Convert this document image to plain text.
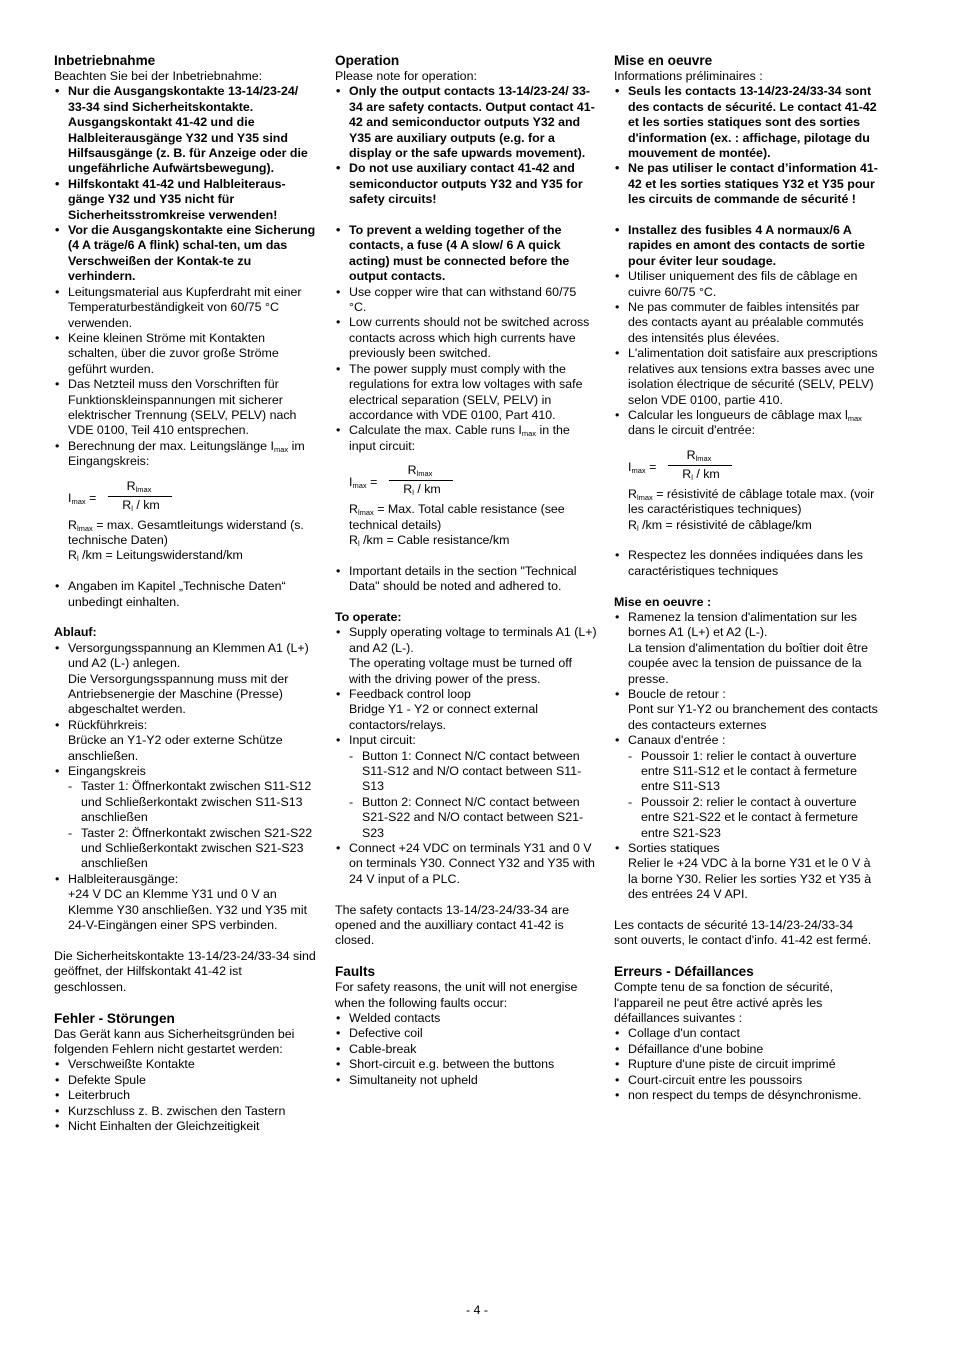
Inbetriebnahme

Beachten Sie bei der Inbetriebnahme:

• Nur die Ausgangskontakte 13-14/23-24/ 33-34 sind Sicherheitskontakte. Ausgangskontakt 41-42 und die Halbleiterausgänge Y32 und Y35 sind Hilfsausgänge (z. B. für Anzeige oder die ungefährliche Aufwärtsbewegung).
• Hilfskontakt 41-42 und Halbleiteraus-gänge Y32 und Y35 nicht für Sicherheitsstromkreise verwenden!
• Vor die Ausgangskontakte eine Sicherung (4 A träge/6 A flink) schal-ten, um das Verschweißen der Kontak-te zu verhindern.
• Leitungsmaterial aus Kupferdraht mit einer Temperaturbeständigkeit von 60/75 °C verwenden.
• Keine kleinen Ströme mit Kontakten schalten, über die zuvor große Ströme geführt wurden.
• Das Netzteil muss den Vorschriften für Funktionskleinspannungen mit sicherer elektrischer Trennung (SELV, PELV) nach VDE 0100, Teil 410 entsprechen.
• Berechnung der max. Leitungslänge $I_{max}$ im Eingangskreis:
$I_{max}$ =
$R_{lmax}$
$R_l$ / km

$R_{lmax} = \max$. Gesamtleitungs widerstand (s. technische Daten)

$R_l$ /km = Leitungswiderstand/km

• Angaben im Kapitel „Technische Daten“ unbedingt einhalten.

Ablauf:

• Versorgungsspannung an Klemmen A1 (L+) und A2 (L-) anlegen.
Die Versorgungsspannung muss mit der Antriebsenergie der Maschine (Presse) abgeschaltet werden.
• Rückführkreis:
Brücke an Y1-Y2 oder externe Schütze anschließen.
• Eingangskreis
- Taster 1: Öffnerkontakt zwischen S11-S12 und Schließerkontakt zwischen S11-S13 anschließen
- Taster 2: Öffnerkontakt zwischen S21-S22 und Schließerkontakt zwischen S21-S23 anschließen
• Halbleiterausgänge:
+24 V DC an Klemme Y31 und 0 V an Klemme Y30 anschließen. Y32 und Y35 mit 24-V-Eingängen einer SPS verbinden.

Die Sicherheitskontakte 13-14/23-24/33-34 sind geöffnet, der Hilfskontakt 41-42 ist geschlossen.

Fehler - Störungen

Das Gerät kann aus Sicherheitsgründen bei folgenden Fehlern nicht gestartet werden:

• Verschweißte Kontakte
• Defekte Spule
• Leiterbruch
• Kurzschluss z. B. zwischen den Tastern
• Nicht Einhalten der Gleichzeitigkeit
Operation

Please note for operation:

• Only the output contacts 13-14/23-24/ 33-34 are safety contacts. Output contact 41-42 and semiconductor outputs Y32 and Y35 are auxiliary outputs (e.g. for a display or the safe upwards movement).
• Do not use auxiliary contact 41-42 and semiconductor outputs Y32 and Y35 for safety circuits!
• To prevent a welding together of the contacts, a fuse (4 A slow/ 6 A quick acting) must be connected before the output contacts.
• Use copper wire that can withstand 60/75 °C.
• Low currents should not be switched across contacts across which high currents have previously been switched.
• The power supply must comply with the regulations for extra low voltages with safe electrical separation (SELV, PELV) in accordance with VDE 0100, Part 410.
• Calculate the max. Cable runs $I_{max}$ in the input circuit:
$I_{max}$ =
$R_{lmax}$
$R_l$ / km

$R_{lmax}$ = Max. Total cable resistance (see technical details)

$R_l$ /km = Cable resistance/km

• Important details in the section "Technical Data" should be noted and adhered to.

To operate:

• Supply operating voltage to terminals A1 (L+) and A2 (L-).
The operating voltage must be turned off with the driving power of the press.
• Feedback control loop
Bridge Y1 - Y2 or connect external contactors/relays.
• Input circuit:
- Button 1: Connect N/C contact between S11-S12 and N/O contact between S11-S13
- Button 2: Connect N/C contact between S21-S22 and N/O contact between S21-S23
• Connect +24 VDC on terminals Y31 and 0 V on terminals Y30. Connect Y32 and Y35 with 24 V input of a PLC.

The safety contacts 13-14/23-24/33-34 are opened and the auxilliary contact 41-42 is closed.

Faults

For safety reasons, the unit will not energise when the following faults occur:

• Welded contacts
• Defective coil
• Cable-break
• Short-circuit e.g. between the buttons
• Simultaneity not upheld
Mise en oeuvre

Informations préliminaires :

• Seuls les contacts 13-14/23-24/33-34 sont des contacts de sécurité. Le contact 41-42 et les sorties statiques sont des sorties d'information (ex. : affichage, pilotage du mouvement de montée).
• Ne pas utiliser le contact d’information 41-42 et les sorties statiques Y32 et Y35 pour les circuits de commande de sécurité !
• Installez des fusibles 4 A normaux/6 A rapides en amont des contacts de sortie pour éviter leur soudage.
• Utiliser uniquement des fils de câblage en cuivre 60/75 °C.
• Ne pas commuter de faibles intensités par des contacts ayant au préalable commutés des intensités plus élevées.
• L'alimentation doit satisfaire aux prescriptions relatives aux tensions extra basses avec une isolation électrique de sécurité (SELV, PELV) selon VDE 0100, partie 410.
• Calcular les longueurs de câblage $\max l_{max}$ dans le circuit d'entrée:
$I_{max}$ =
$R_{lmax}$
$R_l$ / km

$R_{lmax}$ = résistivité de câblage totale max. (voir les caractéristiques techniques)

$R_l$ /km = résistivité de câblage/km

• Respectez les données indiquées dans les caractéristiques techniques

Mise en oeuvre :

• Ramenez la tension d'alimentation sur les bornes A1 (L+) et A2 (L-).
La tension d'alimentation du boîtier doit être coupée avec la tension de puissance de la presse.
• Boucle de retour :
Pont sur Y1-Y2 ou branchement des contacts des contacteurs externes
• Canaux d'entrée :
- Poussoir 1: relier le contact à ouverture entre S11-S12 et le contact à fermeture entre S11-S13
- Poussoir 2: relier le contact à ouverture entre S21-S22 et le contact à fermeture entre S21-S23
• Sorties statiques
Relier le +24 VDC à la borne Y31 et le 0 V à la borne Y30. Relier les sorties Y32 et Y35 à des entrées 24 V API.

Les contacts de sécurité 13-14/23-24/33-34 sont ouverts, le contact d'info. 41-42 est fermé.

Erreurs - Défaillances

Compte tenu de sa fonction de sécurité, l'appareil ne peut être activé après les défaillances suivantes :

• Collage d'un contact
• Défaillance d'une bobine
• Rupture d'une piste de circuit imprimé
• Court-circuit entre les poussoirs
• non respect du temps de désynchronisme.
- 4 -
